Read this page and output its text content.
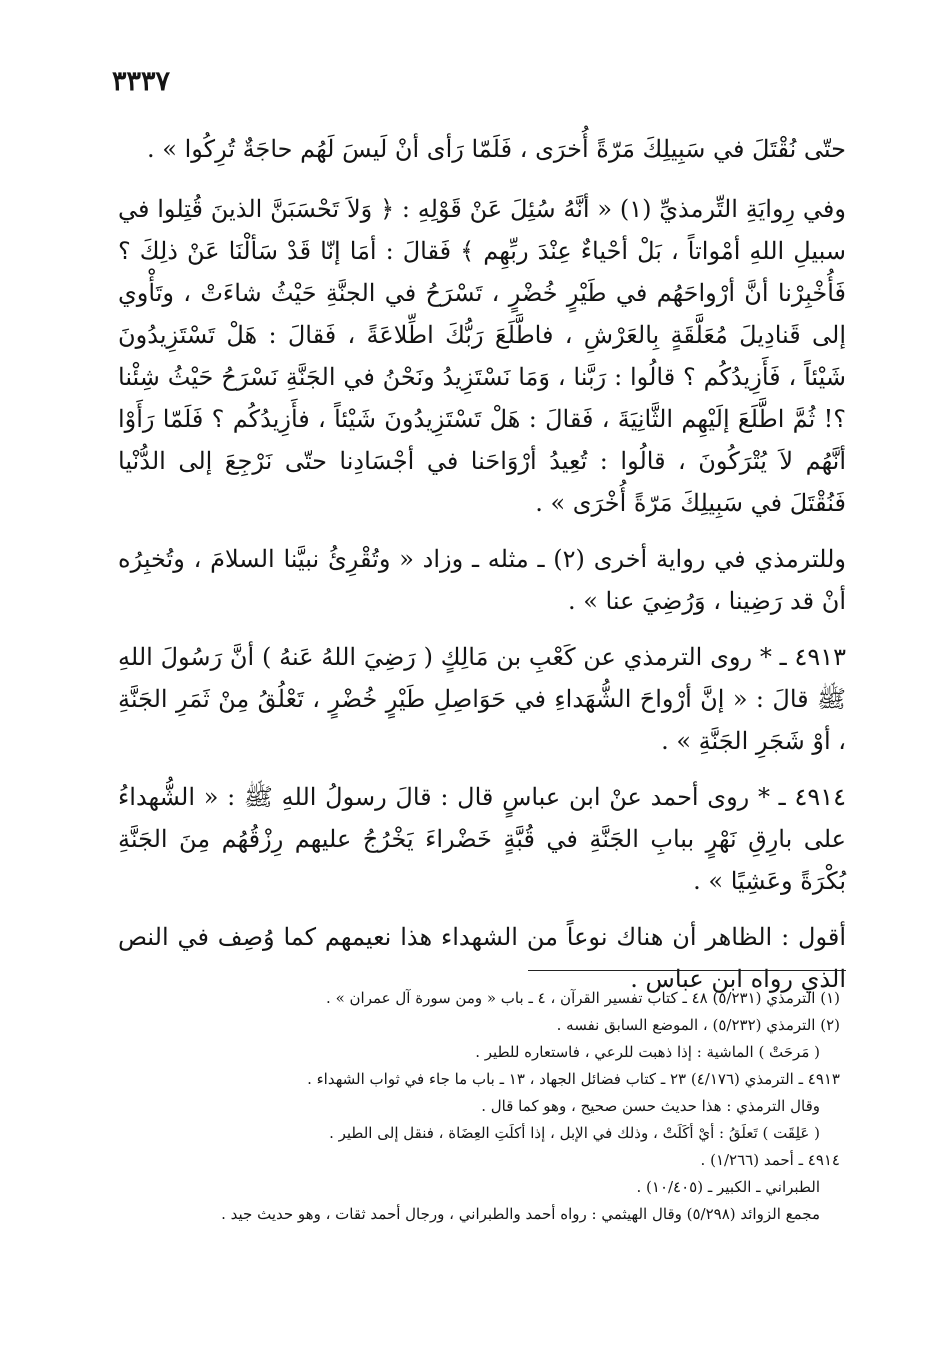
٣٣٣٧

حتّى نُقْتَلَ في سَبِيلِكَ مَرّةً أُخرَى ، فَلَمّا رَأى أنْ لَيسَ لَهُم حاجَةٌ تُرِكُوا » .

وفي رِوايَةِ التِّرمذيِّ (١) « أنَّهُ سُئِلَ عَنْ قَوْلِهِ : ﴿ وَلاَ تَحْسَبَنَّ الذينَ قُتِلوا في سبيلِ اللهِ أمْواتاً ، بَلْ أحْياءٌ عِنْدَ ربِّهِم ﴾ فَقالَ : أمَا إنّا قَدْ سَألْنَا عَنْ ذلِكَ ؟ فَأُخْبِرْنا أنَّ أرْواحَهُم في طَيْرٍ خُضْرٍ ، تَسْرَحُ في الجنَّةِ حَيْثُ شاءَتْ ، وتَأْوي إلى قَنادِيلَ مُعَلَّقَةٍ بِالعَرْشِ ، فاطَّلَعَ رَبُّكَ اطِّلاعَةً ، فَقالَ : هَلْ تَسْتَزِيدُونَ شَيْئاً ، فَأَزِيدُكُم ؟ قالُوا : رَبَّنا ، وَمَا نَسْتَزِيدُ ونَحْنُ في الجَنَّةِ نَسْرَحُ حَيْثُ شِئْنا ؟! ثُمَّ اطَّلَعَ إلَيْهِم الثَّانِيَةَ ، فَقالَ : هَلْ تَسْتَزِيدُونَ شَيْئاً ، فأَزِيدُكُم ؟ فَلَمّا رَأَوْا أنَّهُم لاَ يُتْرَكُونَ ، قالُوا : تُعِيدُ أرْوَاحَنا في أجْسَادِنا حتّى نَرْجِعَ إلى الدُّنْيا فَنُقْتَلَ في سَبِيلِكَ مَرّةً أُخْرَى » .

وللترمذي في رواية أخرى (٢) ـ مثله ـ وزاد « وتُقْرِئُ نبيَّنا السلامَ ، وتُخبِرُه أنْ قد رَضِينا ، وَرُضِيَ عنا » .

٤٩١٣ ـ * روى الترمذي عن كَعْبِ بن مَالِكٍ ( رَضِيَ اللهُ عَنهُ ) أنَّ رَسُولَ اللهِ ﷺ قالَ : « إنَّ أرْواحَ الشُّهَداءِ في حَوَاصِلِ طَيْرٍ خُضْرٍ ، تَعْلُقُ مِنْ ثَمَرِ الجَنَّةِ ، أوْ شَجَرِ الجَنَّةِ » .

٤٩١٤ ـ * روى أحمد عنْ ابن عباسٍ قال : قالَ رسولُ اللهِ ﷺ : « الشُّهداءُ على بارِقِ نَهْرٍ ببابِ الجَنَّةِ في قُبَّةٍ خَضْراءَ يَخْرُجُ عليهم رِزْقُهُم مِنَ الجَنَّةِ بُكْرَةً وعَشِيًا » .

أقول : الظاهر أن هناك نوعاً من الشهداء هذا نعيمهم كما وُصِف في النص الذي رواه ابن عباس .

(١) الترمذي (٥/٢٣١) ٤٨ ـ كتاب تفسير القرآن ، ٤ ـ باب « ومن سورة آل عمران » .
(٢) الترمذي (٥/٢٣٢) ، الموضع السابق نفسه .
( مَرحَتْ ) الماشية : إذا ذهبت للرعي ، فاستعاره للطير .
٤٩١٣ ـ الترمذي (٤/١٧٦) ٢٣ ـ كتاب فضائل الجهاد ، ١٣ ـ باب ما جاء في ثواب الشهداء .
وقال الترمذي : هذا حديث حسن صحيح ، وهو كما قال .
( عَلِقَت ) تَعلَقُ : أيْ أكَلَتْ ، وذلك في الإبل ، إذا أكلَتِ العِضَاة ، فنقل إلى الطير .
٤٩١٤ ـ أحمد (١/٢٦٦) .
الطبراني ـ الكبير ـ (١٠/٤٠٥) .
مجمع الزوائد (٥/٢٩٨) وقال الهيثمي : رواه أحمد والطبراني ، ورجال أحمد ثقات ، وهو حديث جيد .
